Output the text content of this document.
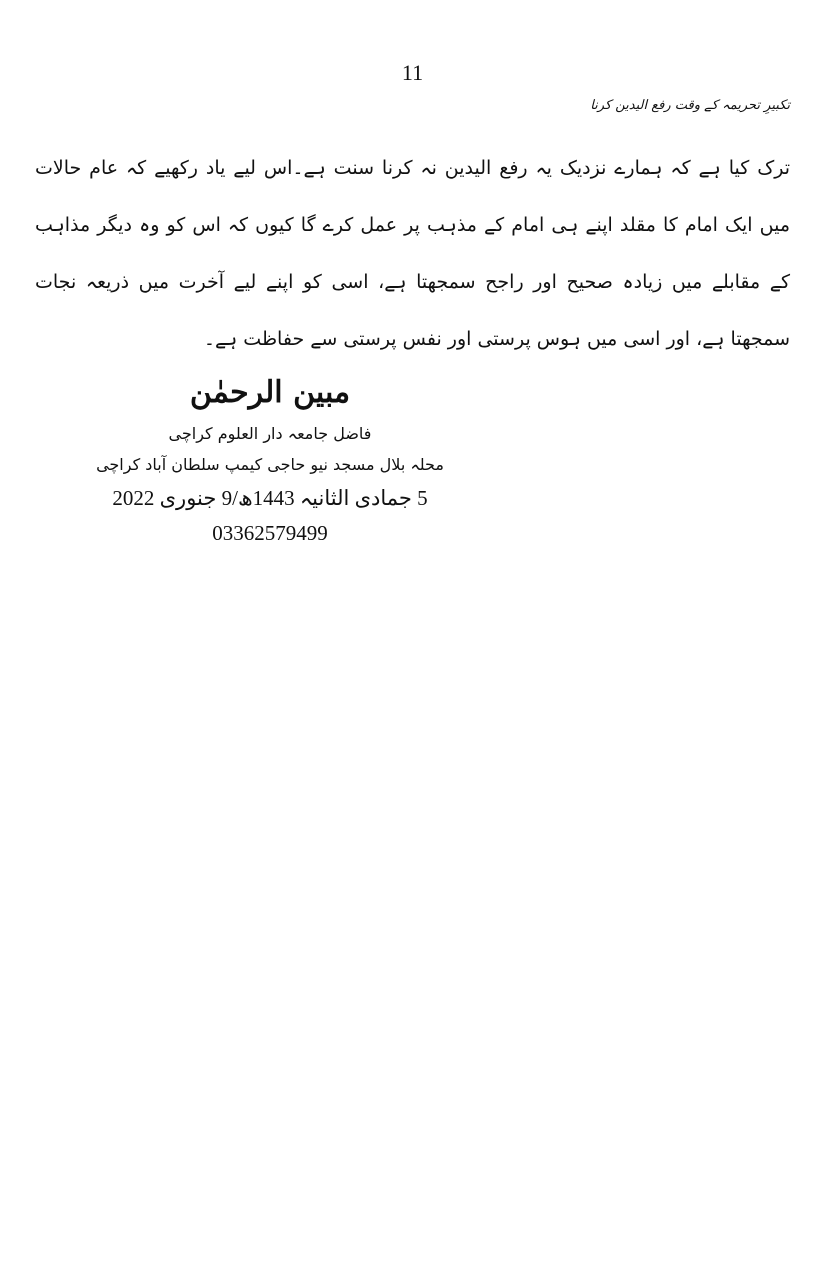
11
تکبیرِ تحریمہ کے وقت رفع الیدین کرنا

ترک کیا ہے کہ ہمارے نزدیک یہ رفع الیدین نہ کرنا سنت ہے۔اس لیے یاد رکھیے کہ عام حالات میں ایک امام کا مقلد اپنے ہی امام کے مذہب پر عمل کرے گا کیوں کہ اس کو وہ دیگر مذاہب کے مقابلے میں زیادہ صحیح اور راجح سمجھتا ہے، اسی کو اپنے لیے آخرت میں ذریعہ نجات سمجھتا ہے، اور اسی میں ہوس پرستی اور نفس پرستی سے حفاظت ہے۔

مبین الرحمٰن
فاضل جامعہ دار العلوم کراچی
محلہ بلال مسجد نیو حاجی کیمپ سلطان آباد کراچی
5 جمادی الثانیہ 1443ھ/9 جنوری 2022
03362579499
